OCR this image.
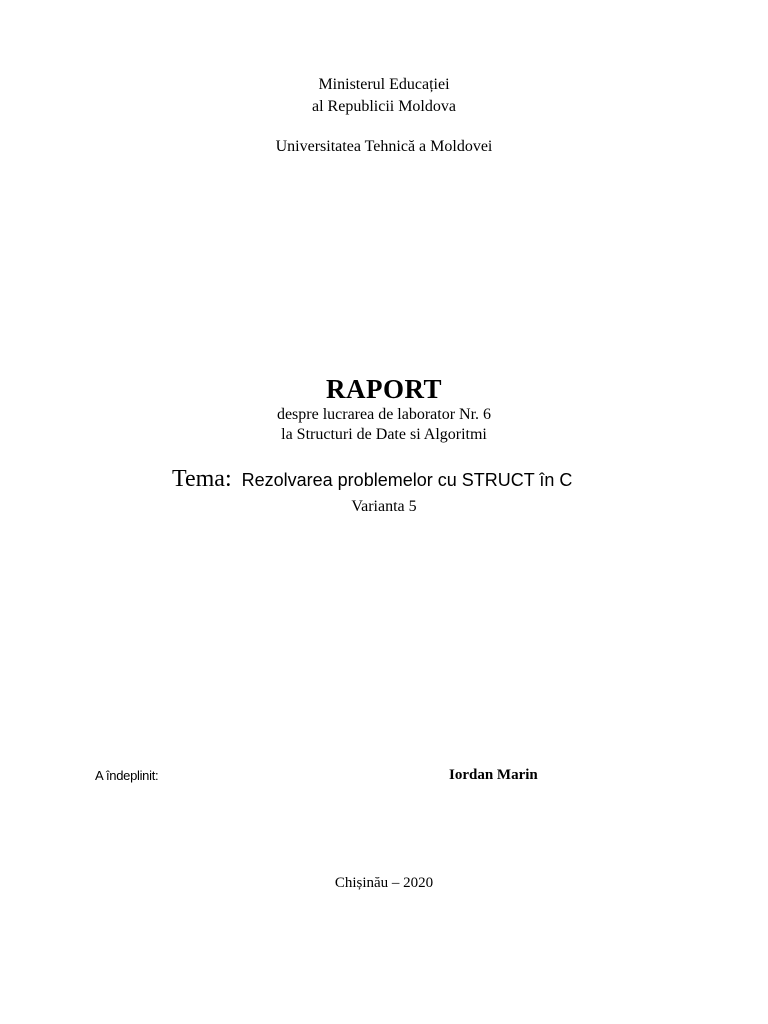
Ministerul Educației
al Republicii Moldova
Universitatea Tehnică a Moldovei
RAPORT
despre lucrarea de laborator Nr. 6
la Structuri de Date si Algoritmi
Tema: Rezolvarea problemelor cu STRUCT în C
Varianta 5
A îndeplinit:	Iordan Marin
Chișinău – 2020
